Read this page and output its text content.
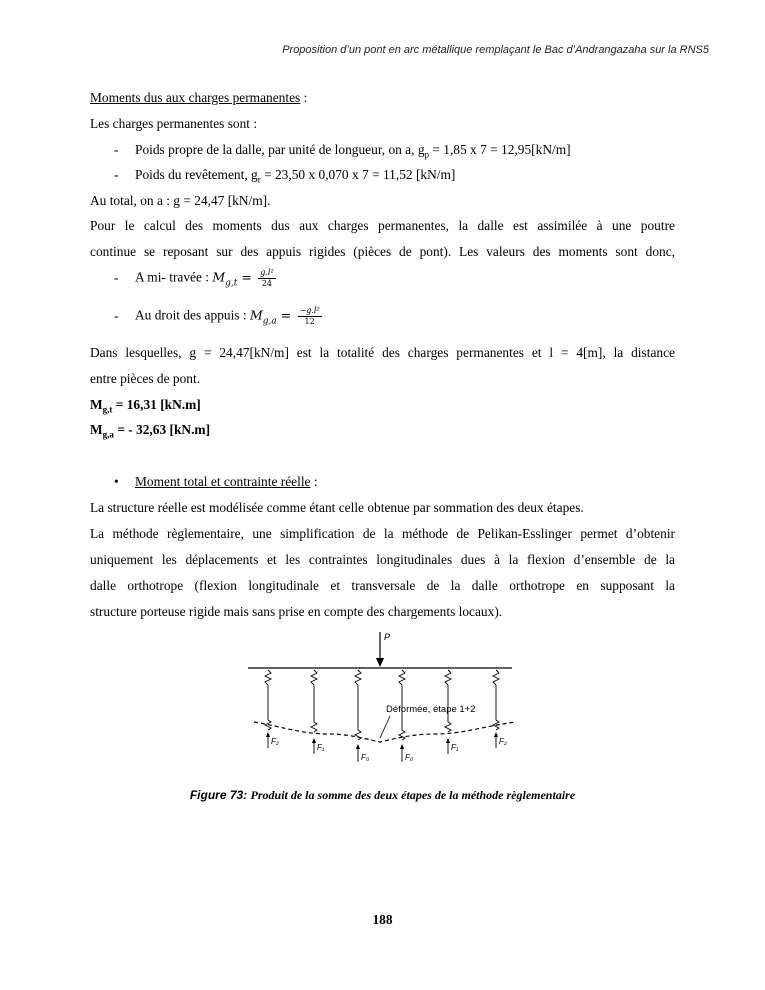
Proposition d’un pont en arc métallique remplaçant le Bac d’Andrangazaha sur la RNS5
Moments dus aux charges permanentes :
Les charges permanentes sont :
- Poids propre de la dalle, par unité de longueur, on a, $g_p = 1,85$ x 7 = 12,95[kN/m]
- Poids du revêtement, $g_r = 23,50$ x 0,070 x 7 = 11,52 [kN/m]
Au total, on a : g = 24,47 [kN/m].
Pour le calcul des moments dus aux charges permanentes, la dalle est assimilée à une poutre
continue se reposant sur des appuis rigides (pièces de pont). Les valeurs des moments sont donc,
- A mi- travée : $M_{g,t} = \frac{\text{g.l²}}{24}$
- Au droit des appuis : $M_{g,a} = \frac{\text{−g.l²}}{12}$
Dans lesquelles, g = 24,47[kN/m] est la totalité des charges permanentes et l = 4[m], la distance
entre pièces de pont.
$M_{g,t} = 16,31$ [kN.m]
$M_{g,a}$ = - 32,63 [kN.m]
• Moment total et contrainte réelle :
La structure réelle est modélisée comme étant celle obtenue par sommation des deux étapes.
La méthode règlementaire, une simplification de la méthode de Pelikan-Esslinger permet d’obtenir
uniquement les déplacements et les contraintes longitudinales dues à la flexion d’ensemble de la
dalle orthotrope (flexion longitudinale et transversale de la dalle orthotrope en supposant la
structure porteuse rigide mais sans prise en compte des chargements locaux).
P
Déformée, étape 1+2
F₂
F₁
F₀	F₀
F₁
F₂
Figure 73: Produit de la somme des deux étapes de la méthode règlementaire
188
